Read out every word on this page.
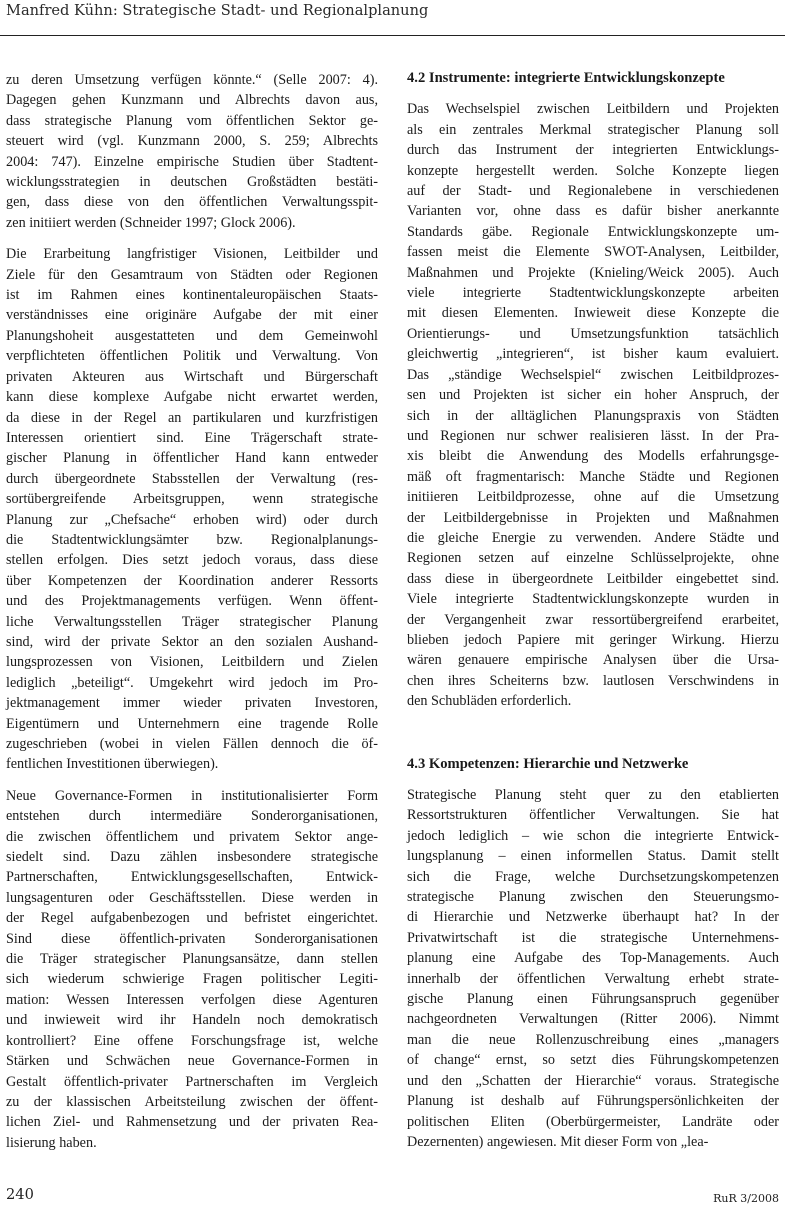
Manfred Kühn: Strategische Stadt- und Regionalplanung

zu deren Umsetzung verfügen könnte.“ (Selle 2007: 4).
Dagegen gehen Kunzmann und Albrechts davon aus,
dass strategische Planung vom öffentlichen Sektor ge-
steuert wird (vgl. Kunzmann 2000, S. 259; Albrechts
2004: 747). Einzelne empirische Studien über Stadtent-
wicklungsstrategien in deutschen Großstädten bestäti-
gen, dass diese von den öffentlichen Verwaltungsspit-
zen initiiert werden (Schneider 1997; Glock 2006).

Die Erarbeitung langfristiger Visionen, Leitbilder und
Ziele für den Gesamtraum von Städten oder Regionen
ist im Rahmen eines kontinentaleuropäischen Staats-
verständnisses eine originäre Aufgabe der mit einer
Planungshoheit ausgestatteten und dem Gemeinwohl
verpflichteten öffentlichen Politik und Verwaltung. Von
privaten Akteuren aus Wirtschaft und Bürgerschaft
kann diese komplexe Aufgabe nicht erwartet werden,
da diese in der Regel an partikularen und kurzfristigen
Interessen orientiert sind. Eine Trägerschaft strate-
gischer Planung in öffentlicher Hand kann entweder
durch übergeordnete Stabsstellen der Verwaltung (res-
sortübergreifende Arbeitsgruppen, wenn strategische
Planung zur „Chefsache“ erhoben wird) oder durch
die Stadtentwicklungsämter bzw. Regionalplanungs-
stellen erfolgen. Dies setzt jedoch voraus, dass diese
über Kompetenzen der Koordination anderer Ressorts
und des Projektmanagements verfügen. Wenn öffent-
liche Verwaltungsstellen Träger strategischer Planung
sind, wird der private Sektor an den sozialen Aushand-
lungsprozessen von Visionen, Leitbildern und Zielen
lediglich „beteiligt“. Umgekehrt wird jedoch im Pro-
jektmanagement immer wieder privaten Investoren,
Eigentümern und Unternehmern eine tragende Rolle
zugeschrieben (wobei in vielen Fällen dennoch die öf-
fentlichen Investitionen überwiegen).

Neue Governance-Formen in institutionalisierter Form
entstehen durch intermediäre Sonderorganisationen,
die zwischen öffentlichem und privatem Sektor ange-
siedelt sind. Dazu zählen insbesondere strategische
Partnerschaften, Entwicklungsgesellschaften, Entwick-
lungsagenturen oder Geschäftsstellen. Diese werden in
der Regel aufgabenbezogen und befristet eingerichtet.
Sind diese öffentlich-privaten Sonderorganisationen
die Träger strategischer Planungsansätze, dann stellen
sich wiederum schwierige Fragen politischer Legiti-
mation: Wessen Interessen verfolgen diese Agenturen
und inwieweit wird ihr Handeln noch demokratisch
kontrolliert? Eine offene Forschungsfrage ist, welche
Stärken und Schwächen neue Governance-Formen in
Gestalt öffentlich-privater Partnerschaften im Vergleich
zu der klassischen Arbeitsteilung zwischen der öffent-
lichen Ziel- und Rahmensetzung und der privaten Rea-
lisierung haben.

4.2 Instrumente: integrierte Entwicklungskonzepte

Das Wechselspiel zwischen Leitbildern und Projekten
als ein zentrales Merkmal strategischer Planung soll
durch das Instrument der integrierten Entwicklungs-
konzepte hergestellt werden. Solche Konzepte liegen
auf der Stadt- und Regionalebene in verschiedenen
Varianten vor, ohne dass es dafür bisher anerkannte
Standards gäbe. Regionale Entwicklungskonzepte um-
fassen meist die Elemente SWOT-Analysen, Leitbilder,
Maßnahmen und Projekte (Knieling/Weick 2005). Auch
viele integrierte Stadtentwicklungskonzepte arbeiten
mit diesen Elementen. Inwieweit diese Konzepte die
Orientierungs- und Umsetzungsfunktion tatsächlich
gleichwertig „integrieren“, ist bisher kaum evaluiert.
Das „ständige Wechselspiel“ zwischen Leitbildprozes-
sen und Projekten ist sicher ein hoher Anspruch, der
sich in der alltäglichen Planungspraxis von Städten
und Regionen nur schwer realisieren lässt. In der Pra-
xis bleibt die Anwendung des Modells erfahrungsge-
mäß oft fragmentarisch: Manche Städte und Regionen
initiieren Leitbildprozesse, ohne auf die Umsetzung
der Leitbildergebnisse in Projekten und Maßnahmen
die gleiche Energie zu verwenden. Andere Städte und
Regionen setzen auf einzelne Schlüsselprojekte, ohne
dass diese in übergeordnete Leitbilder eingebettet sind.
Viele integrierte Stadtentwicklungskonzepte wurden in
der Vergangenheit zwar ressortübergreifend erarbeitet,
blieben jedoch Papiere mit geringer Wirkung. Hierzu
wären genauere empirische Analysen über die Ursa-
chen ihres Scheiterns bzw. lautlosen Verschwindens in
den Schubläden erforderlich.

4.3 Kompetenzen: Hierarchie und Netzwerke

Strategische Planung steht quer zu den etablierten
Ressortstrukturen öffentlicher Verwaltungen. Sie hat
jedoch lediglich – wie schon die integrierte Entwick-
lungsplanung – einen informellen Status. Damit stellt
sich die Frage, welche Durchsetzungskompetenzen
strategische Planung zwischen den Steuerungsmo-
di Hierarchie und Netzwerke überhaupt hat? In der
Privatwirtschaft ist die strategische Unternehmens-
planung eine Aufgabe des Top-Managements. Auch
innerhalb der öffentlichen Verwaltung erhebt strate-
gische Planung einen Führungsanspruch gegenüber
nachgeordneten Verwaltungen (Ritter 2006). Nimmt
man die neue Rollenzuschreibung eines „managers
of change“ ernst, so setzt dies Führungskompetenzen
und den „Schatten der Hierarchie“ voraus. Strategische
Planung ist deshalb auf Führungspersönlichkeiten der
politischen Eliten (Oberbürgermeister, Landräte oder
Dezernenten) angewiesen. Mit dieser Form von „lea-

240	RuR 3/2008
